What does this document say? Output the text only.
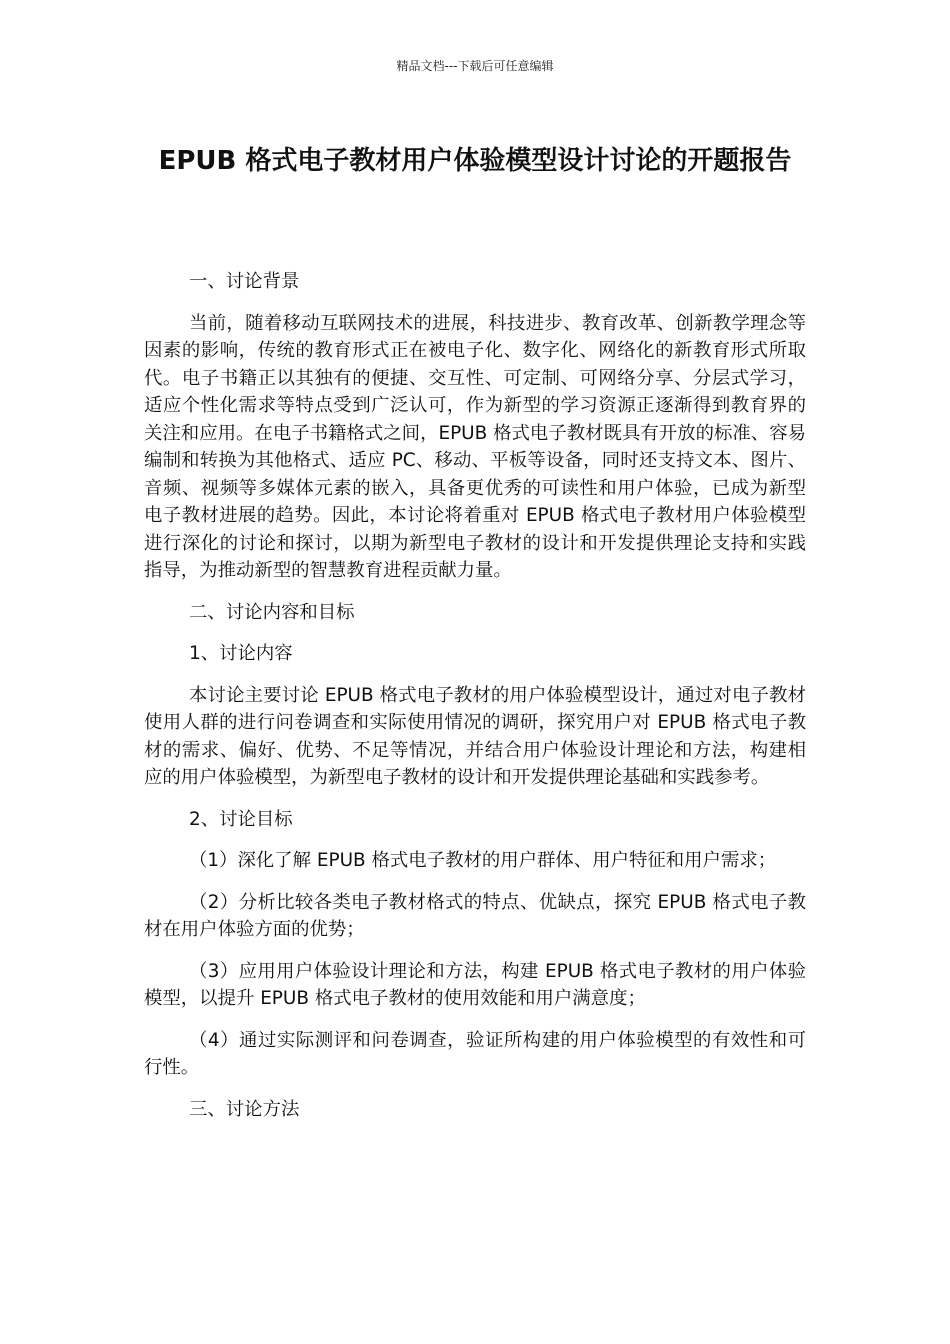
精品文档---下载后可任意编辑
EPUB 格式电子教材用户体验模型设计讨论的开题报告

一、讨论背景

当前，随着移动互联网技术的进展，科技进步、教育改革、创新教学理念等因素的影响，传统的教育形式正在被电子化、数字化、网络化的新教育形式所取代。电子书籍正以其独有的便捷、交互性、可定制、可网络分享、分层式学习，适应个性化需求等特点受到广泛认可，作为新型的学习资源正逐渐得到教育界的关注和应用。在电子书籍格式之间，EPUB 格式电子教材既具有开放的标准、容易编制和转换为其他格式、适应 PC、移动、平板等设备，同时还支持文本、图片、音频、视频等多媒体元素的嵌入，具备更优秀的可读性和用户体验，已成为新型电子教材进展的趋势。因此，本讨论将着重对 EPUB 格式电子教材用户体验模型进行深化的讨论和探讨，以期为新型电子教材的设计和开发提供理论支持和实践指导，为推动新型的智慧教育进程贡献力量。

二、讨论内容和目标

1、讨论内容

本讨论主要讨论 EPUB 格式电子教材的用户体验模型设计，通过对电子教材使用人群的进行问卷调查和实际使用情况的调研，探究用户对 EPUB 格式电子教材的需求、偏好、优势、不足等情况，并结合用户体验设计理论和方法，构建相应的用户体验模型，为新型电子教材的设计和开发提供理论基础和实践参考。

2、讨论目标

（1）深化了解 EPUB 格式电子教材的用户群体、用户特征和用户需求；

（2）分析比较各类电子教材格式的特点、优缺点，探究 EPUB 格式电子教材在用户体验方面的优势；

（3）应用用户体验设计理论和方法，构建 EPUB 格式电子教材的用户体验模型，以提升 EPUB 格式电子教材的使用效能和用户满意度；

（4）通过实际测评和问卷调查，验证所构建的用户体验模型的有效性和可行性。

三、讨论方法
